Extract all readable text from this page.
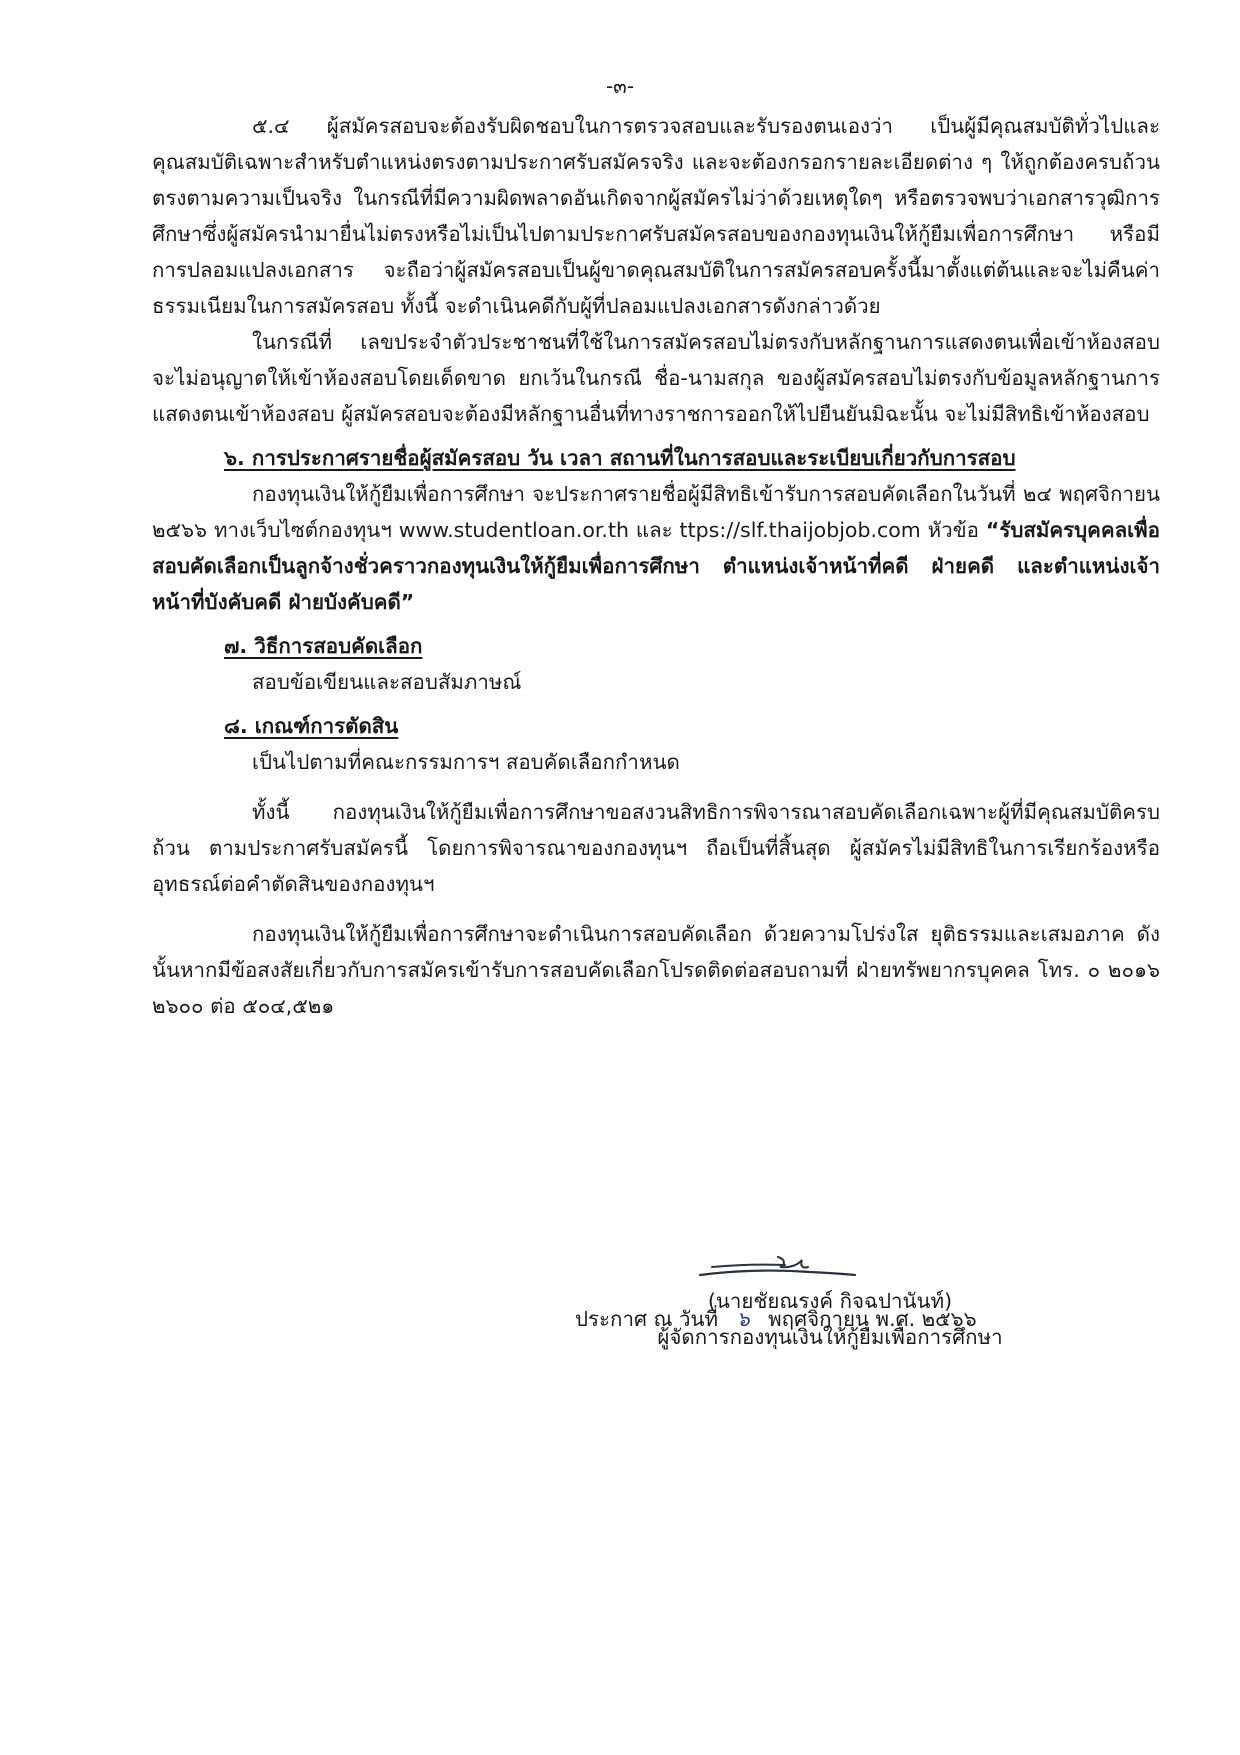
-๓-

๕.๔ ผู้สมัครสอบจะต้องรับผิดชอบในการตรวจสอบและรับรองตนเองว่า เป็นผู้มีคุณสมบัติทั่วไปและคุณสมบัติเฉพาะสำหรับตำแหน่งตรงตามประกาศรับสมัครจริง และจะต้องกรอกรายละเอียดต่าง ๆ ให้ถูกต้องครบถ้วนตรงตามความเป็นจริง ในกรณีที่มีความผิดพลาดอันเกิดจากผู้สมัครไม่ว่าด้วยเหตุใดๆ หรือตรวจพบว่าเอกสารวุฒิการศึกษาซึ่งผู้สมัครนำมายื่นไม่ตรงหรือไม่เป็นไปตามประกาศรับสมัครสอบของกองทุนเงินให้กู้ยืมเพื่อการศึกษา หรือมีการปลอมแปลงเอกสาร จะถือว่าผู้สมัครสอบเป็นผู้ขาดคุณสมบัติในการสมัครสอบครั้งนี้มาตั้งแต่ต้นและจะไม่คืนค่าธรรมเนียมในการสมัครสอบ ทั้งนี้ จะดำเนินคดีกับผู้ที่ปลอมแปลงเอกสารดังกล่าวด้วย

ในกรณีที่ เลขประจำตัวประชาชนที่ใช้ในการสมัครสอบไม่ตรงกับหลักฐานการแสดงตนเพื่อเข้าห้องสอบจะไม่อนุญาตให้เข้าห้องสอบโดยเด็ดขาด ยกเว้นในกรณี ชื่อ-นามสกุล ของผู้สมัครสอบไม่ตรงกับข้อมูลหลักฐานการแสดงตนเข้าห้องสอบ ผู้สมัครสอบจะต้องมีหลักฐานอื่นที่ทางราชการออกให้ไปยืนยันมิฉะนั้น จะไม่มีสิทธิเข้าห้องสอบ

๖. การประกาศรายชื่อผู้สมัครสอบ วัน เวลา สถานที่ในการสอบและระเบียบเกี่ยวกับการสอบ

กองทุนเงินให้กู้ยืมเพื่อการศึกษา จะประกาศรายชื่อผู้มีสิทธิเข้ารับการสอบคัดเลือกในวันที่ ๒๔ พฤศจิกายน ๒๕๖๖ ทางเว็บไซต์กองทุนฯ www.studentloan.or.th และ ttps://slf.thaijobjob.com หัวข้อ “รับสมัครบุคคลเพื่อสอบคัดเลือกเป็นลูกจ้างชั่วคราวกองทุนเงินให้กู้ยืมเพื่อการศึกษา ตำแหน่งเจ้าหน้าที่คดี ฝ่ายคดี และตำแหน่งเจ้าหน้าที่บังคับคดี ฝ่ายบังคับคดี”

๗. วิธีการสอบคัดเลือก

สอบข้อเขียนและสอบสัมภาษณ์

๘. เกณฑ์การตัดสิน

เป็นไปตามที่คณะกรรมการฯ สอบคัดเลือกกำหนด

ทั้งนี้ กองทุนเงินให้กู้ยืมเพื่อการศึกษาขอสงวนสิทธิการพิจารณาสอบคัดเลือกเฉพาะผู้ที่มีคุณสมบัติครบถ้วน ตามประกาศรับสมัครนี้ โดยการพิจารณาของกองทุนฯ ถือเป็นที่สิ้นสุด ผู้สมัครไม่มีสิทธิในการเรียกร้องหรืออุทธรณ์ต่อคำตัดสินของกองทุนฯ

กองทุนเงินให้กู้ยืมเพื่อการศึกษาจะดำเนินการสอบคัดเลือก ด้วยความโปร่งใส ยุติธรรมและเสมอภาค ดังนั้นหากมีข้อสงสัยเกี่ยวกับการสมัครเข้ารับการสอบคัดเลือกโปรดติดต่อสอบถามที่ ฝ่ายทรัพยากรบุคคล โทร. ๐ ๒๐๑๖ ๒๖๐๐ ต่อ ๕๐๔,๕๒๑

ประกาศ ณ วันที่ ๖ พฤศจิกายน พ.ศ. ๒๕๖๖
(นายชัยณรงค์ กิจฉปานันท์)
ผู้จัดการกองทุนเงินให้กู้ยืมเพื่อการศึกษา
